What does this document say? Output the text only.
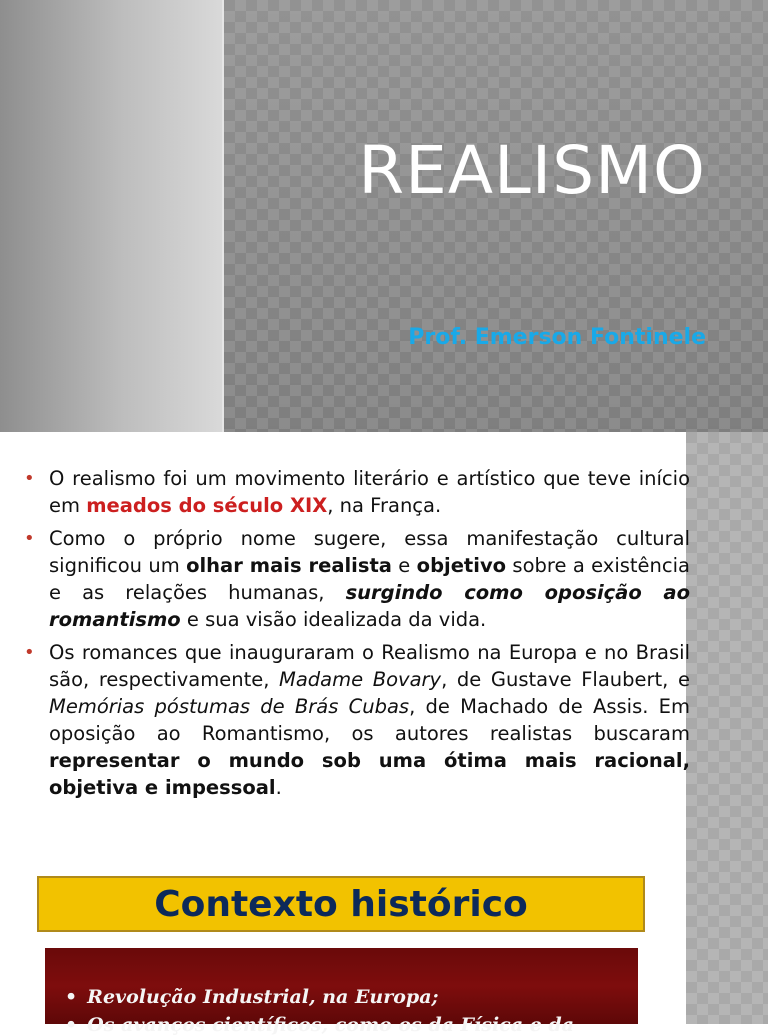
REALISMO

Prof. Emerson Fontinele

• O realismo foi um movimento literário e artístico que teve início em meados do século XIX, na França.
• Como o próprio nome sugere, essa manifestação cultural significou um olhar mais realista e objetivo sobre a existência e as relações humanas, surgindo como oposição ao romantismo e sua visão idealizada da vida.
• Os romances que inauguraram o Realismo na Europa e no Brasil são, respectivamente, Madame Bovary, de Gustave Flaubert, e Memórias póstumas de Brás Cubas, de Machado de Assis. Em oposição ao Romantismo, os autores realistas buscaram representar o mundo sob uma ótima mais racional, objetiva e impessoal.
Contexto histórico
• Revolução Industrial, na Europa;
• Os avanços científicos, como os da Física e da
